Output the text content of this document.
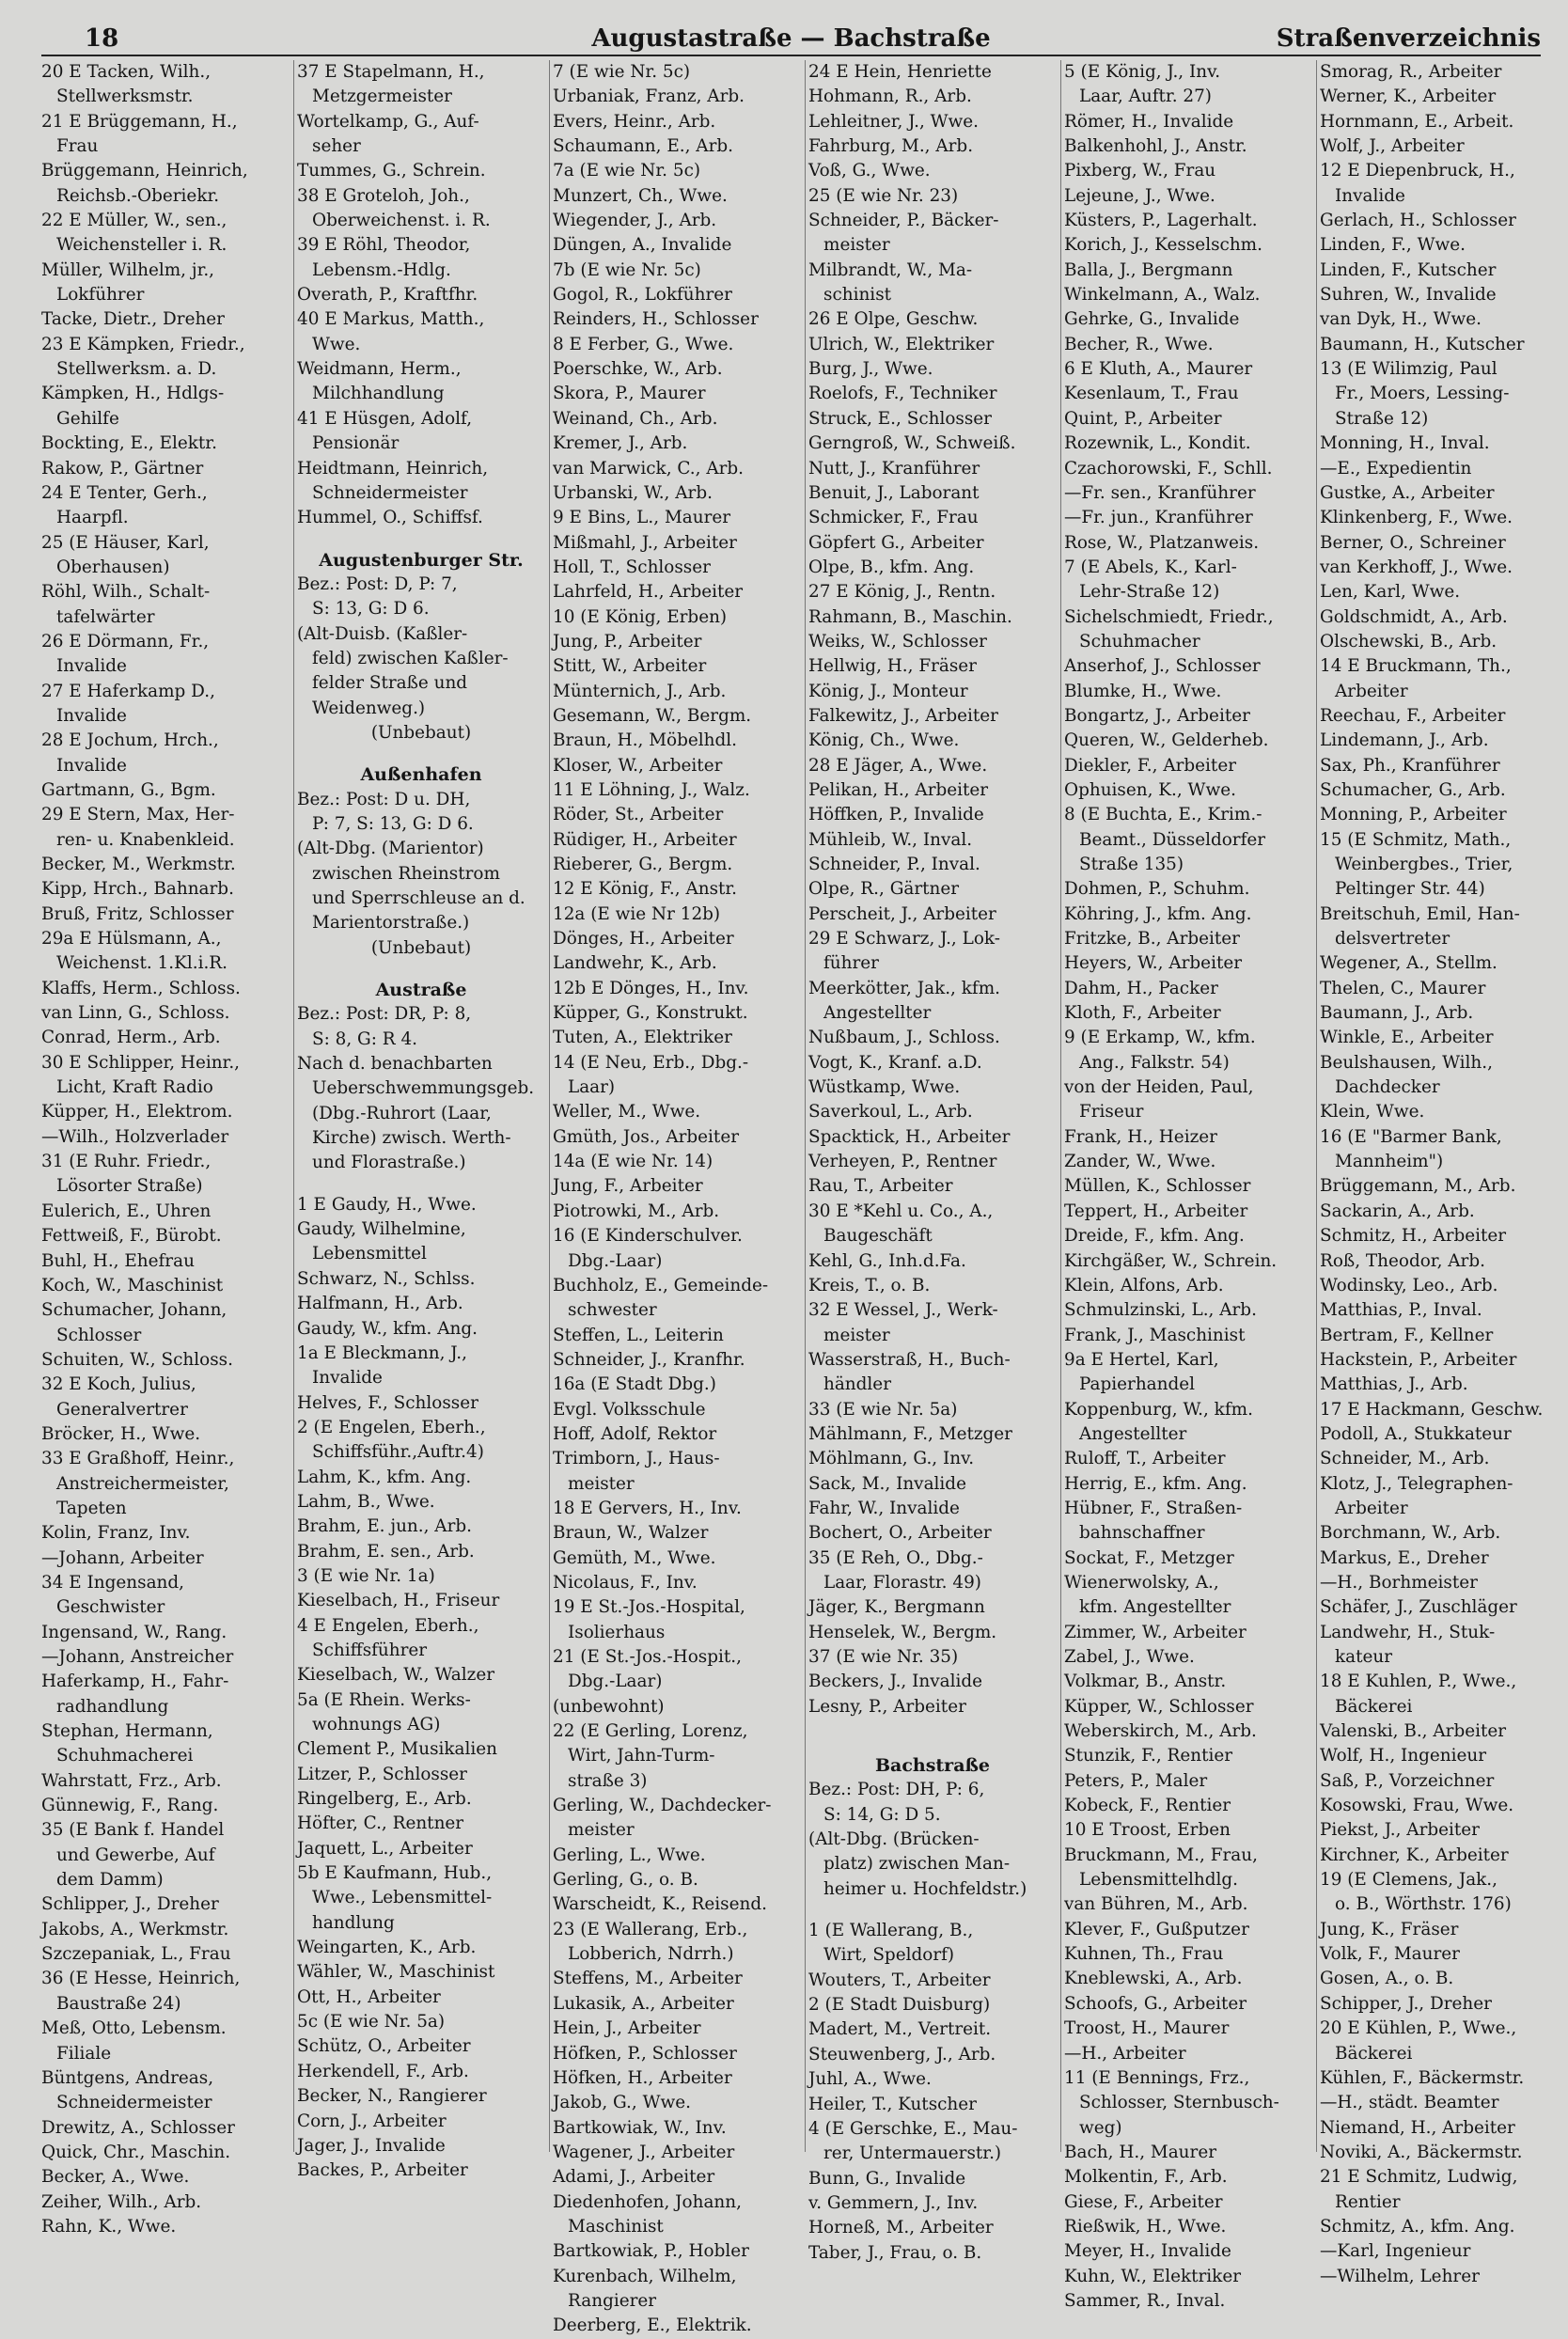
18	Augustastraße — Bachstraße	Straßenverzeichnis
20 E Tacken, Wilh.,
Stellwerksmstr.
21 E Brüggemann, H.,
Frau
Brüggemann, Heinrich,
Reichsb.-Oberiekr.
22 E Müller, W., sen.,
Weichensteller i. R.
Müller, Wilhelm, jr.,
Lokführer
Tacke, Dietr., Dreher
23 E Kämpken, Friedr.,
Stellwerksm. a. D.
Kämpken, H., Hdlgs-
Gehilfe
Bockting, E., Elektr.
Rakow, P., Gärtner
24 E Tenter, Gerh.,
Haarpfl.
25 (E Häuser, Karl,
Oberhausen)
Röhl, Wilh., Schalt-
tafelwärter
26 E Dörmann, Fr.,
Invalide
27 E Haferkamp D.,
Invalide
28 E Jochum, Hrch.,
Invalide
Gartmann, G., Bgm.
29 E Stern, Max, Her-
ren- u. Knabenkleid.
Becker, M., Werkmstr.
Kipp, Hrch., Bahnarb.
Bruß, Fritz, Schlosser
29a E Hülsmann, A.,
Weichenst. 1.Kl.i.R.
Klaffs, Herm., Schloss.
van Linn, G., Schloss.
Conrad, Herm., Arb.
30 E Schlipper, Heinr.,
Licht, Kraft Radio
Küpper, H., Elektrom.
—Wilh., Holzverlader
31 (E Ruhr. Friedr.,
Lösorter Straße)
Eulerich, E., Uhren
Fettweiß, F., Bürobt.
Buhl, H., Ehefrau
Koch, W., Maschinist
Schumacher, Johann,
Schlosser
Schuiten, W., Schloss.
32 E Koch, Julius,
Generalvertrer
Bröcker, H., Wwe.
33 E Graßhoff, Heinr.,
Anstreichermeister,
Tapeten
Kolin, Franz, Inv.
—Johann, Arbeiter
34 E Ingensand,
Geschwister
Ingensand, W., Rang.
—Johann, Anstreicher
Haferkamp, H., Fahr-
radhandlung
Stephan, Hermann,
Schuhmacherei
Wahrstatt, Frz., Arb.
Günnewig, F., Rang.
35 (E Bank f. Handel
und Gewerbe, Auf
dem Damm)
Schlipper, J., Dreher
Jakobs, A., Werkmstr.
Szczepaniak, L., Frau
36 (E Hesse, Heinrich,
Baustraße 24)
Meß, Otto, Lebensm.
Filiale
Büntgens, Andreas,
Schneidermeister
Drewitz, A., Schlosser
Quick, Chr., Maschin.
Becker, A., Wwe.
Zeiher, Wilh., Arb.
Rahn, K., Wwe.
37 E Stapelmann, H.,
Metzgermeister
Wortelkamp, G., Auf-
seher
Tummes, G., Schrein.
38 E Groteloh, Joh.,
Oberweichenst. i. R.
39 E Röhl, Theodor,
Lebensm.-Hdlg.
Overath, P., Kraftfhr.
40 E Markus, Matth.,
Wwe.
Weidmann, Herm.,
Milchhandlung
41 E Hüsgen, Adolf,
Pensionär
Heidtmann, Heinrich,
Schneidermeister
Hummel, O., Schiffsf.
Augustenburger Str.
Bez.: Post: D, P: 7,
S: 13, G: D 6.
(Alt-Duisb. (Kaßler-
feld) zwischen Kaßler-
felder Straße und
Weidenweg.)
(Unbebaut)
Außenhafen
Bez.: Post: D u. DH,
P: 7, S: 13, G: D 6.
(Alt-Dbg. (Marientor)
zwischen Rheinstrom
und Sperrschleuse an d.
Marientorstraße.)
(Unbebaut)
Austraße
Bez.: Post: DR, P: 8,
S: 8, G: R 4.
Nach d. benachbarten
Ueberschwemmungsgeb.
(Dbg.-Ruhrort (Laar,
Kirche) zwisch. Werth-
und Florastraße.)
1 E Gaudy, H., Wwe.
Gaudy, Wilhelmine,
Lebensmittel
Schwarz, N., Schlss.
Halfmann, H., Arb.
Gaudy, W., kfm. Ang.
1a E Bleckmann, J.,
Invalide
Helves, F., Schlosser
2 (E Engelen, Eberh.,
Schiffsführ.,Auftr.4)
Lahm, K., kfm. Ang.
Lahm, B., Wwe.
Brahm, E. jun., Arb.
Brahm, E. sen., Arb.
3 (E wie Nr. 1a)
Kieselbach, H., Friseur
4 E Engelen, Eberh.,
Schiffsführer
Kieselbach, W., Walzer
5a (E Rhein. Werks-
wohnungs AG)
Clement P., Musikalien
Litzer, P., Schlosser
Ringelberg, E., Arb.
Höfter, C., Rentner
Jaquett, L., Arbeiter
5b E Kaufmann, Hub.,
Wwe., Lebensmittel-
handlung
Weingarten, K., Arb.
Wähler, W., Maschinist
Ott, H., Arbeiter
5c (E wie Nr. 5a)
Schütz, O., Arbeiter
Herkendell, F., Arb.
Becker, N., Rangierer
Corn, J., Arbeiter
Jager, J., Invalide
Backes, P., Arbeiter
7 (E wie Nr. 5c)
Urbaniak, Franz, Arb.
Evers, Heinr., Arb.
Schaumann, E., Arb.
7a (E wie Nr. 5c)
Munzert, Ch., Wwe.
Wiegender, J., Arb.
Düngen, A., Invalide
7b (E wie Nr. 5c)
Gogol, R., Lokführer
Reinders, H., Schlosser
8 E Ferber, G., Wwe.
Poerschke, W., Arb.
Skora, P., Maurer
Weinand, Ch., Arb.
Kremer, J., Arb.
van Marwick, C., Arb.
Urbanski, W., Arb.
9 E Bins, L., Maurer
Mißmahl, J., Arbeiter
Holl, T., Schlosser
Lahrfeld, H., Arbeiter
10 (E König, Erben)
Jung, P., Arbeiter
Stitt, W., Arbeiter
Münternich, J., Arb.
Gesemann, W., Bergm.
Braun, H., Möbelhdl.
Kloser, W., Arbeiter
11 E Löhning, J., Walz.
Röder, St., Arbeiter
Rüdiger, H., Arbeiter
Rieberer, G., Bergm.
12 E König, F., Anstr.
12a (E wie Nr 12b)
Dönges, H., Arbeiter
Landwehr, K., Arb.
12b E Dönges, H., Inv.
Küpper, G., Konstrukt.
Tuten, A., Elektriker
14 (E Neu, Erb., Dbg.-
Laar)
Weller, M., Wwe.
Gmüth, Jos., Arbeiter
14a (E wie Nr. 14)
Jung, F., Arbeiter
Piotrowki, M., Arb.
16 (E Kinderschulver.
Dbg.-Laar)
Buchholz, E., Gemeinde-
schwester
Steffen, L., Leiterin
Schneider, J., Kranfhr.
16a (E Stadt Dbg.)
Evgl. Volksschule
Hoff, Adolf, Rektor
Trimborn, J., Haus-
meister
18 E Gervers, H., Inv.
Braun, W., Walzer
Gemüth, M., Wwe.
Nicolaus, F., Inv.
19 E St.-Jos.-Hospital,
Isolierhaus
21 (E St.-Jos.-Hospit.,
Dbg.-Laar)
(unbewohnt)
22 (E Gerling, Lorenz,
Wirt, Jahn-Turm-
straße 3)
Gerling, W., Dachdecker-
meister
Gerling, L., Wwe.
Gerling, G., o. B.
Warscheidt, K., Reisend.
23 (E Wallerang, Erb.,
Lobberich, Ndrrh.)
Steffens, M., Arbeiter
Lukasik, A., Arbeiter
Hein, J., Arbeiter
Höfken, P., Schlosser
Höfken, H., Arbeiter
Jakob, G., Wwe.
Bartkowiak, W., Inv.
Wagener, J., Arbeiter
Adami, J., Arbeiter
Diedenhofen, Johann,
Maschinist
Bartkowiak, P., Hobler
Kurenbach, Wilhelm,
Rangierer
Deerberg, E., Elektrik.
24 E Hein, Henriette
Hohmann, R., Arb.
Lehleitner, J., Wwe.
Fahrburg, M., Arb.
Voß, G., Wwe.
25 (E wie Nr. 23)
Schneider, P., Bäcker-
meister
Milbrandt, W., Ma-
schinist
26 E Olpe, Geschw.
Ulrich, W., Elektriker
Burg, J., Wwe.
Roelofs, F., Techniker
Struck, E., Schlosser
Gerngroß, W., Schweiß.
Nutt, J., Kranführer
Benuit, J., Laborant
Schmicker, F., Frau
Göpfert G., Arbeiter
Olpe, B., kfm. Ang.
27 E König, J., Rentn.
Rahmann, B., Maschin.
Weiks, W., Schlosser
Hellwig, H., Fräser
König, J., Monteur
Falkewitz, J., Arbeiter
König, Ch., Wwe.
28 E Jäger, A., Wwe.
Pelikan, H., Arbeiter
Höffken, P., Invalide
Mühleib, W., Inval.
Schneider, P., Inval.
Olpe, R., Gärtner
Perscheit, J., Arbeiter
29 E Schwarz, J., Lok-
führer
Meerkötter, Jak., kfm.
Angestellter
Nußbaum, J., Schloss.
Vogt, K., Kranf. a.D.
Wüstkamp, Wwe.
Saverkoul, L., Arb.
Spacktick, H., Arbeiter
Verheyen, P., Rentner
Rau, T., Arbeiter
30 E *Kehl u. Co., A.,
Baugeschäft
Kehl, G., Inh.d.Fa.
Kreis, T., o. B.
32 E Wessel, J., Werk-
meister
Wasserstraß, H., Buch-
händler
33 (E wie Nr. 5a)
Mählmann, F., Metzger
Möhlmann, G., Inv.
Sack, M., Invalide
Fahr, W., Invalide
Bochert, O., Arbeiter
35 (E Reh, O., Dbg.-
Laar, Florastr. 49)
Jäger, K., Bergmann
Henselek, W., Bergm.
37 (E wie Nr. 35)
Beckers, J., Invalide
Lesny, P., Arbeiter
Bachstraße
Bez.: Post: DH, P: 6,
S: 14, G: D 5.
(Alt-Dbg. (Brücken-
platz) zwischen Man-
heimer u. Hochfeldstr.)
1 (E Wallerang, B.,
Wirt, Speldorf)
Wouters, T., Arbeiter
2 (E Stadt Duisburg)
Madert, M., Vertreit.
Steuwenberg, J., Arb.
Juhl, A., Wwe.
Heiler, T., Kutscher
4 (E Gerschke, E., Mau-
rer, Untermauerstr.)
Bunn, G., Invalide
v. Gemmern, J., Inv.
Horneß, M., Arbeiter
Taber, J., Frau, o. B.
5 (E König, J., Inv.
Laar, Auftr. 27)
Römer, H., Invalide
Balkenhohl, J., Anstr.
Pixberg, W., Frau
Lejeune, J., Wwe.
Küsters, P., Lagerhalt.
Korich, J., Kesselschm.
Balla, J., Bergmann
Winkelmann, A., Walz.
Gehrke, G., Invalide
Becher, R., Wwe.
6 E Kluth, A., Maurer
Kesenlaum, T., Frau
Quint, P., Arbeiter
Rozewnik, L., Kondit.
Czachorowski, F., Schll.
—Fr. sen., Kranführer
—Fr. jun., Kranführer
Rose, W., Platzanweis.
7 (E Abels, K., Karl-
Lehr-Straße 12)
Sichelschmiedt, Friedr.,
Schuhmacher
Anserhof, J., Schlosser
Blumke, H., Wwe.
Bongartz, J., Arbeiter
Queren, W., Gelderheb.
Diekler, F., Arbeiter
Ophuisen, K., Wwe.
8 (E Buchta, E., Krim.-
Beamt., Düsseldorfer
Straße 135)
Dohmen, P., Schuhm.
Köhring, J., kfm. Ang.
Fritzke, B., Arbeiter
Heyers, W., Arbeiter
Dahm, H., Packer
Kloth, F., Arbeiter
9 (E Erkamp, W., kfm.
Ang., Falkstr. 54)
von der Heiden, Paul,
Friseur
Frank, H., Heizer
Zander, W., Wwe.
Müllen, K., Schlosser
Teppert, H., Arbeiter
Dreide, F., kfm. Ang.
Kirchgäßer, W., Schrein.
Klein, Alfons, Arb.
Schmulzinski, L., Arb.
Frank, J., Maschinist
9a E Hertel, Karl,
Papierhandel
Koppenburg, W., kfm.
Angestellter
Ruloff, T., Arbeiter
Herrig, E., kfm. Ang.
Hübner, F., Straßen-
bahnschaffner
Sockat, F., Metzger
Wienerwolsky, A.,
kfm. Angestellter
Zimmer, W., Arbeiter
Zabel, J., Wwe.
Volkmar, B., Anstr.
Küpper, W., Schlosser
Weberskirch, M., Arb.
Stunzik, F., Rentier
Peters, P., Maler
Kobeck, F., Rentier
10 E Troost, Erben
Bruckmann, M., Frau,
Lebensmittelhdlg.
van Bühren, M., Arb.
Klever, F., Gußputzer
Kuhnen, Th., Frau
Kneblewski, A., Arb.
Schoofs, G., Arbeiter
Troost, H., Maurer
—H., Arbeiter
11 (E Bennings, Frz.,
Schlosser, Sternbusch-
weg)
Bach, H., Maurer
Molkentin, F., Arb.
Giese, F., Arbeiter
Rießwik, H., Wwe.
Meyer, H., Invalide
Kuhn, W., Elektriker
Sammer, R., Inval.
Smorag, R., Arbeiter
Werner, K., Arbeiter
Hornmann, E., Arbeit.
Wolf, J., Arbeiter
12 E Diepenbruck, H.,
Invalide
Gerlach, H., Schlosser
Linden, F., Wwe.
Linden, F., Kutscher
Suhren, W., Invalide
van Dyk, H., Wwe.
Baumann, H., Kutscher
13 (E Wilimzig, Paul
Fr., Moers, Lessing-
Straße 12)
Monning, H., Inval.
—E., Expedientin
Gustke, A., Arbeiter
Klinkenberg, F., Wwe.
Berner, O., Schreiner
van Kerkhoff, J., Wwe.
Len, Karl, Wwe.
Goldschmidt, A., Arb.
Olschewski, B., Arb.
14 E Bruckmann, Th.,
Arbeiter
Reechau, F., Arbeiter
Lindemann, J., Arb.
Sax, Ph., Kranführer
Schumacher, G., Arb.
Monning, P., Arbeiter
15 (E Schmitz, Math.,
Weinbergbes., Trier,
Peltinger Str. 44)
Breitschuh, Emil, Han-
delsvertreter
Wegener, A., Stellm.
Thelen, C., Maurer
Baumann, J., Arb.
Winkle, E., Arbeiter
Beulshausen, Wilh.,
Dachdecker
Klein, Wwe.
16 (E "Barmer Bank,
Mannheim")
Brüggemann, M., Arb.
Sackarin, A., Arb.
Schmitz, H., Arbeiter
Roß, Theodor, Arb.
Wodinsky, Leo., Arb.
Matthias, P., Inval.
Bertram, F., Kellner
Hackstein, P., Arbeiter
Matthias, J., Arb.
17 E Hackmann, Geschw.
Podoll, A., Stukkateur
Schneider, M., Arb.
Klotz, J., Telegraphen-
Arbeiter
Borchmann, W., Arb.
Markus, E., Dreher
—H., Borhmeister
Schäfer, J., Zuschläger
Landwehr, H., Stuk-
kateur
18 E Kuhlen, P., Wwe.,
Bäckerei
Valenski, B., Arbeiter
Wolf, H., Ingenieur
Saß, P., Vorzeichner
Kosowski, Frau, Wwe.
Piekst, J., Arbeiter
Kirchner, K., Arbeiter
19 (E Clemens, Jak.,
o. B., Wörthstr. 176)
Jung, K., Fräser
Volk, F., Maurer
Gosen, A., o. B.
Schipper, J., Dreher
20 E Kühlen, P., Wwe.,
Bäckerei
Kühlen, F., Bäckermstr.
—H., städt. Beamter
Niemand, H., Arbeiter
Noviki, A., Bäckermstr.
21 E Schmitz, Ludwig,
Rentier
Schmitz, A., kfm. Ang.
—Karl, Ingenieur
—Wilhelm, Lehrer
